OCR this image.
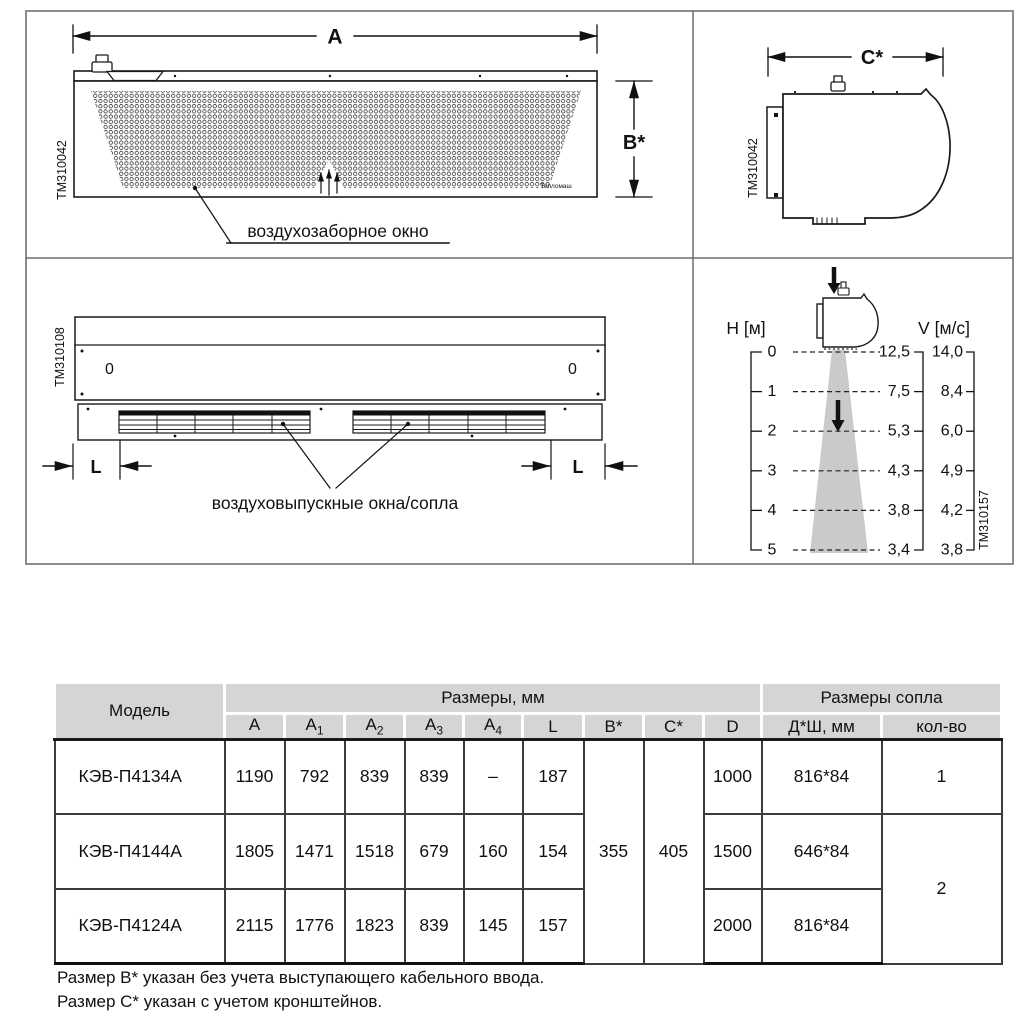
A
B*
TM310042	Тепломаш
воздухозаборное окно
C*
TM310042
0	0
L	L
воздуховыпускные окна/сопла
TM310108	Н [м]	V [м/с]
0
1
2
3
4
5
12,5
7,5
5,3
4,3
3,8
3,4
14,0
8,4
6,0
4,9
4,2
3,8
TM310157
Модель	Размеры, мм									Размеры сопла	
	A	$A_1$	$A_2$	$A_3$	$A_4$	L	B*	C*	D	Д*Ш, мм	кол-во
КЭВ-П4134А	1190	792	839	839	–	187	355	405	1000	816*84	1
КЭВ-П4144А	1805	1471	1518	679	160	154			1500	646*84	2
КЭВ-П4124А	2115	1776	1823	839	145	157			2000	816*84	
Размер B* указан без учета выступающего кабельного ввода.
Размер C* указан с учетом кронштейнов.
